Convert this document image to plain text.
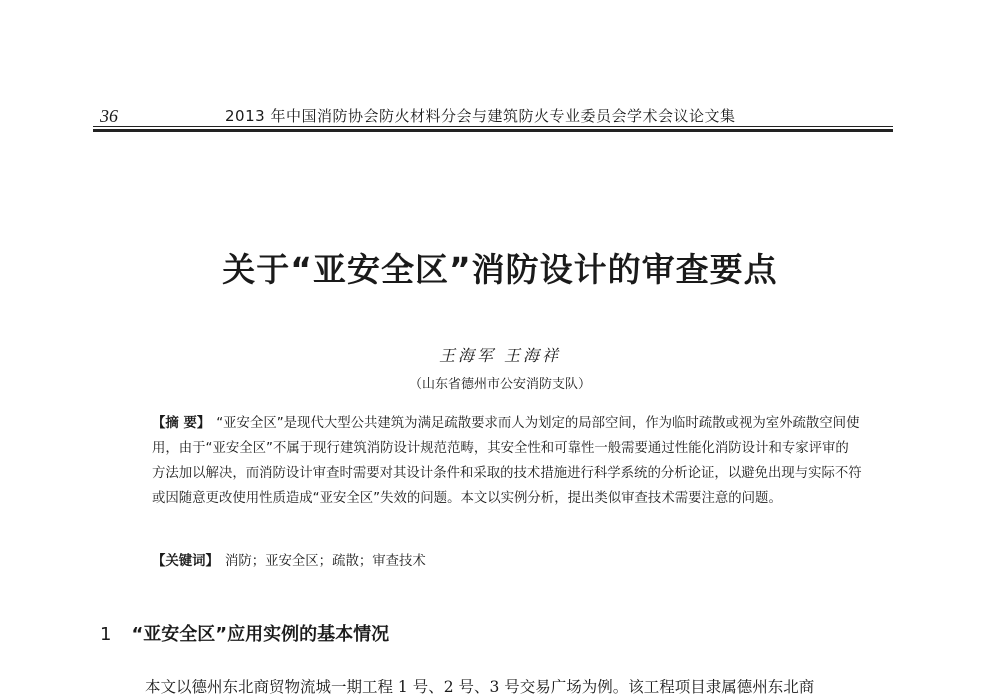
36	2013 年中国消防协会防火材料分会与建筑防火专业委员会学术会议论文集
关于“亚安全区”消防设计的审查要点
王海军 王海祥
（山东省德州市公安消防支队）
【摘 要】 “亚安全区”是现代大型公共建筑为满足疏散要求而人为划定的局部空间，作为临时疏散或视为室外疏散空间使用，由于“亚安全区”不属于现行建筑消防设计规范范畴，其安全性和可靠性一般需要通过性能化消防设计和专家评审的方法加以解决，而消防设计审查时需要对其设计条件和采取的技术措施进行科学系统的分析论证，以避免出现与实际不符或因随意更改使用性质造成“亚安全区”失效的问题。本文以实例分析，提出类似审查技术需要注意的问题。
【关键词】 消防；亚安全区；疏散；审查技术
1 “亚安全区”应用实例的基本情况
本文以德州东北商贸物流城一期工程 1 号、2 号、3 号交易广场为例。该工程项目隶属德州东北商
